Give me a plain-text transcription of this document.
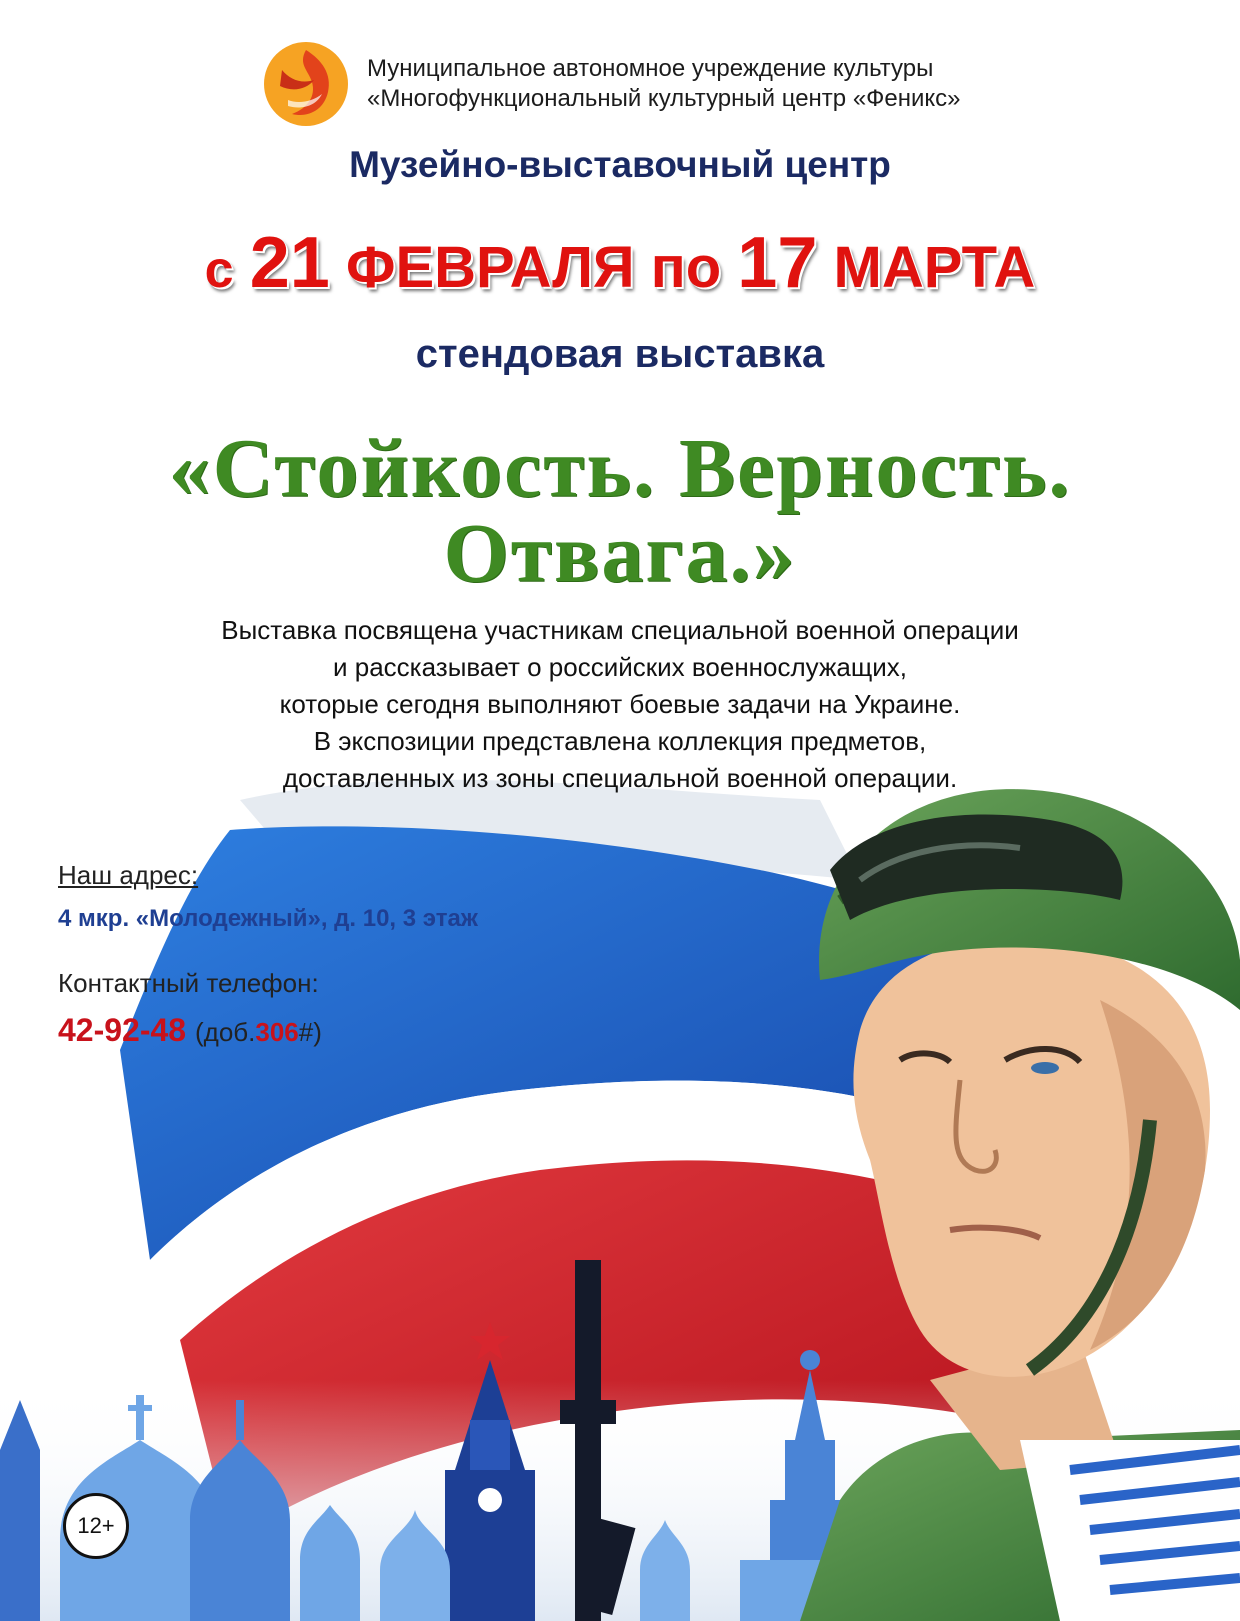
Муниципальное автономное учреждение культуры
«Многофункциональный культурный центр «Феникс»
Музейно-выставочный центр
с 21 ФЕВРАЛЯ по 17 МАРТА
стендовая выставка
«Стойкость. Верность.
Отвага.»
Выставка посвящена участникам специальной военной операции
и рассказывает о российских военнослужащих,
которые сегодня выполняют боевые задачи на Украине.
В экспозиции представлена коллекция предметов,
доставленных из зоны специальной военной операции.
Наш адрес:
4 мкр. «Молодежный», д. 10, 3 этаж
Контактный телефон:
42-92-48 (доб.306#)
12+
